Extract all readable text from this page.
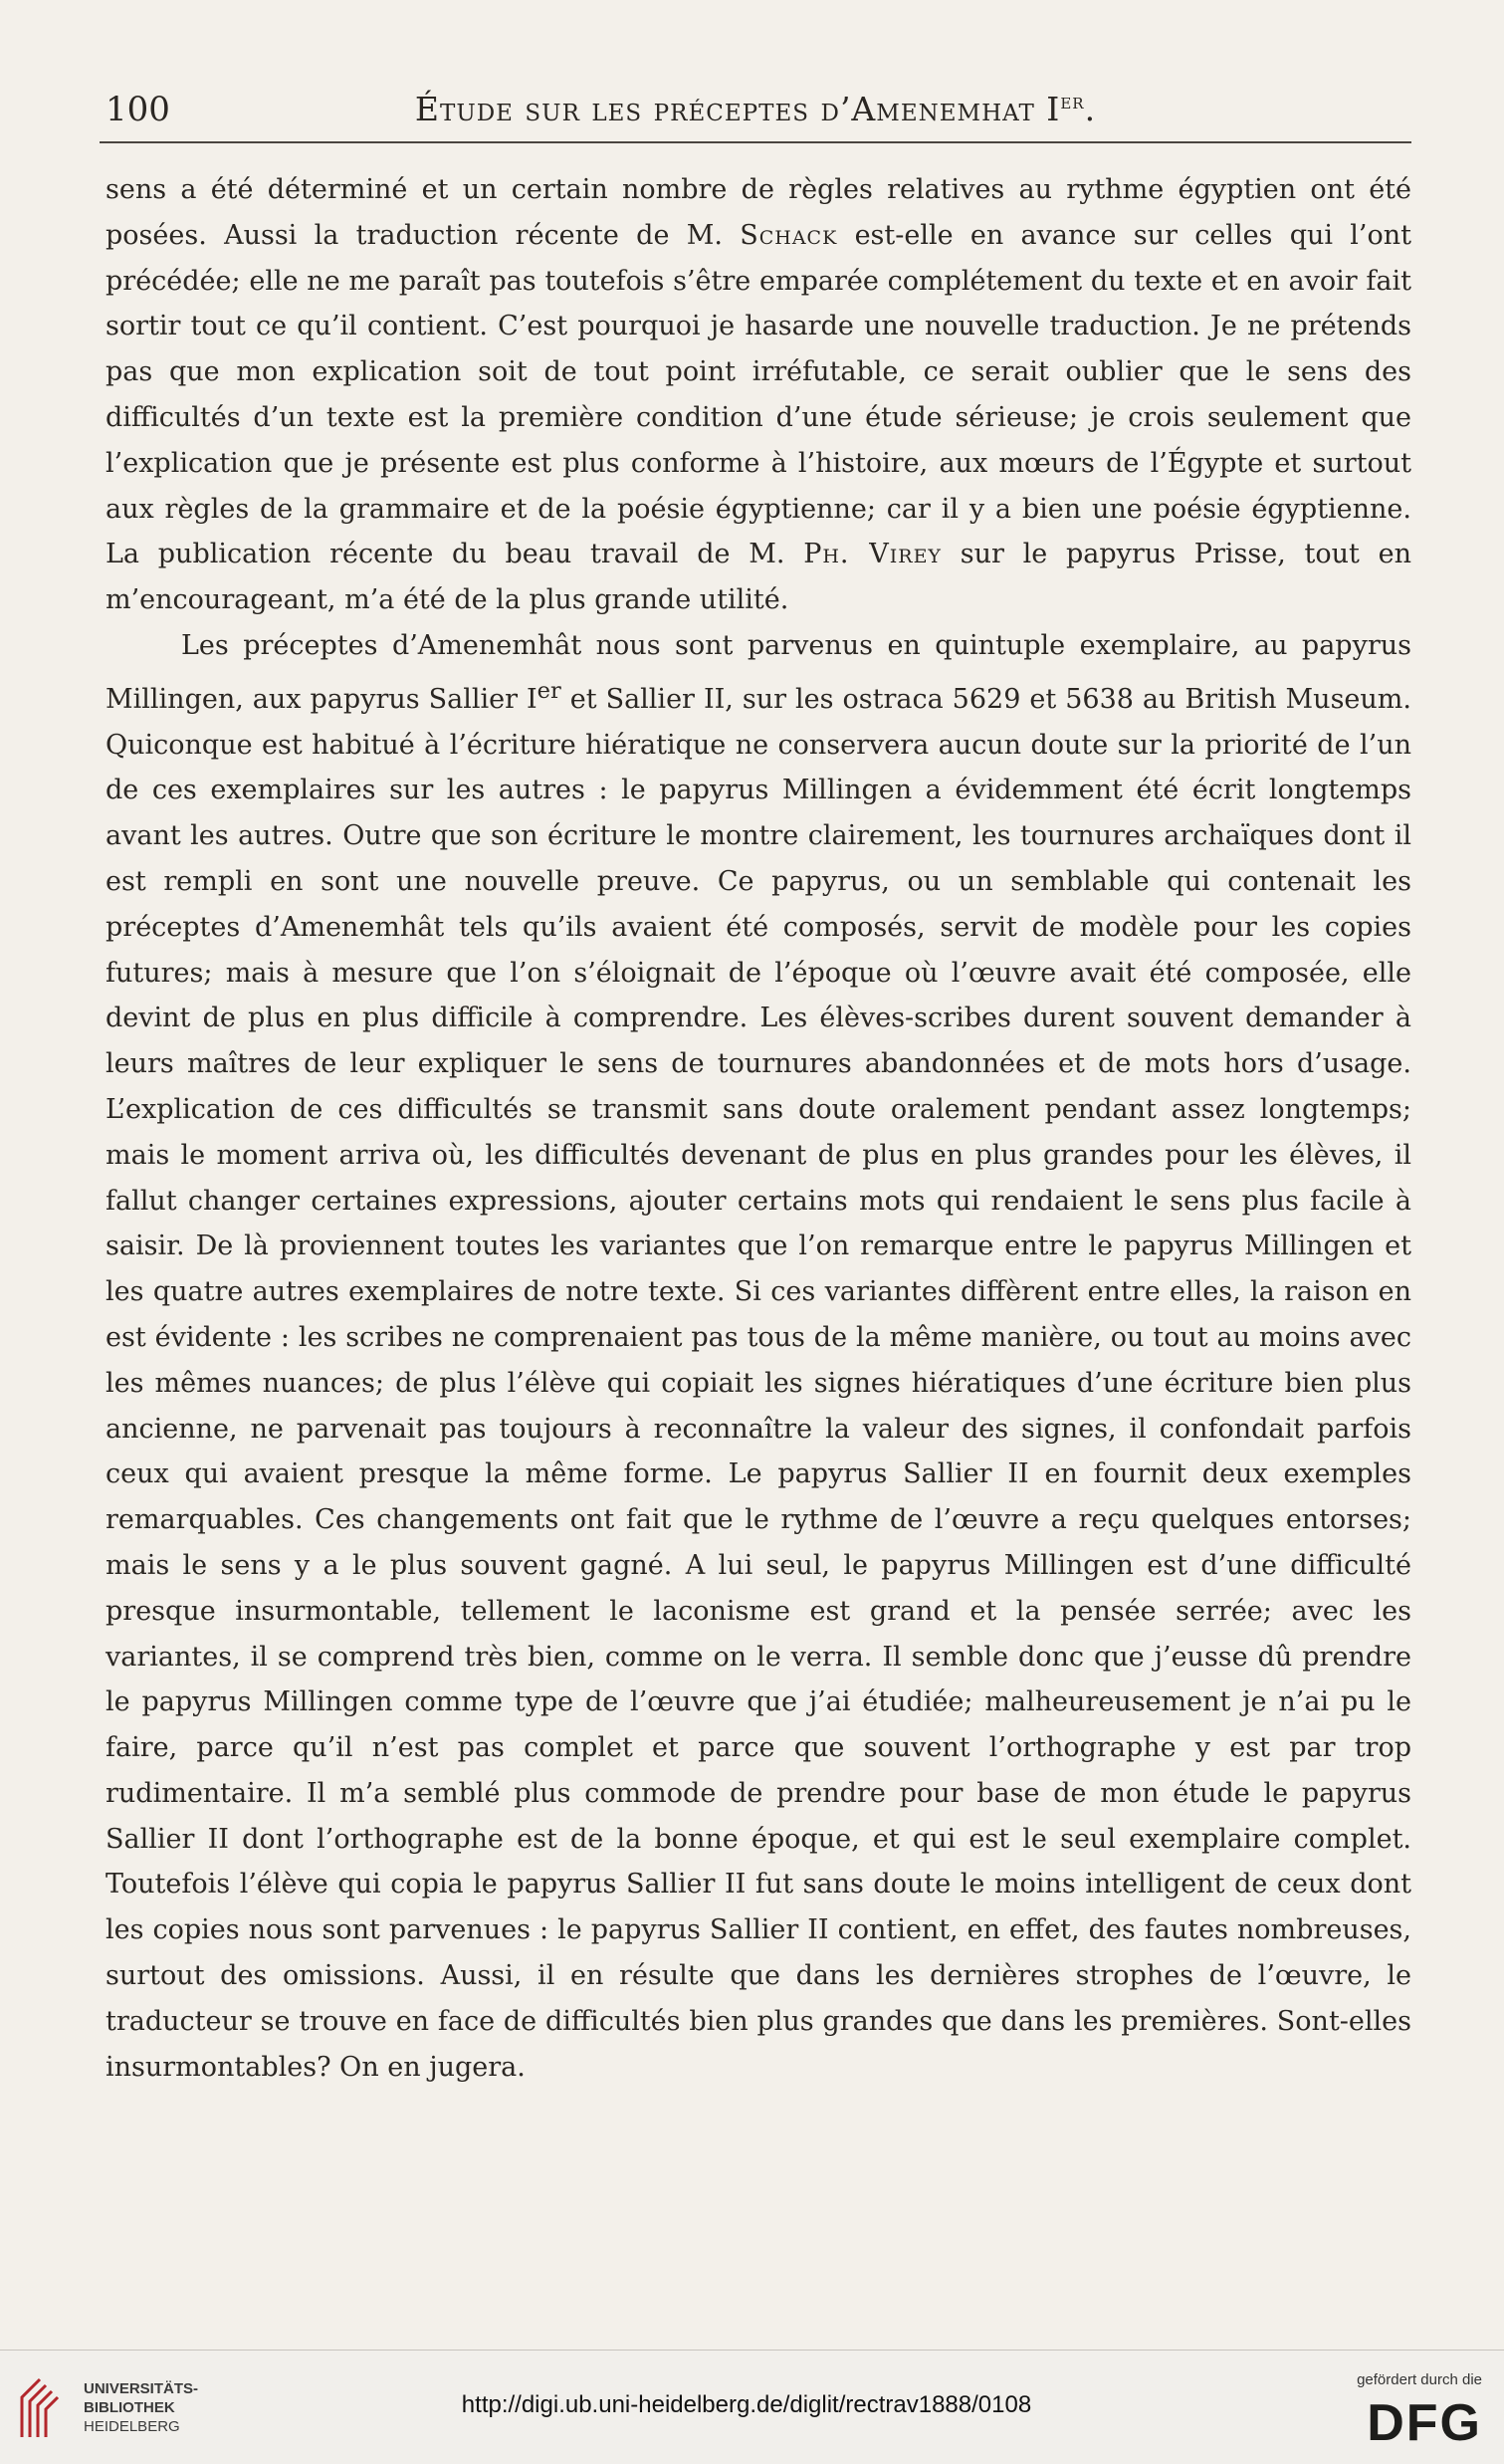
100	Étude sur les préceptes d’Amenemhat Ier.

sens a été déterminé et un certain nombre de règles relatives au rythme égyptien ont été posées. Aussi la traduction récente de M. Schack est-elle en avance sur celles qui l’ont précédée; elle ne me paraît pas toutefois s’être emparée complétement du texte et en avoir fait sortir tout ce qu’il contient. C’est pourquoi je hasarde une nouvelle traduction. Je ne prétends pas que mon explication soit de tout point irréfutable, ce serait oublier que le sens des difficultés d’un texte est la première condition d’une étude sérieuse; je crois seulement que l’explication que je présente est plus conforme à l’histoire, aux mœurs de l’Égypte et surtout aux règles de la grammaire et de la poésie égyptienne; car il y a bien une poésie égyptienne. La publication récente du beau travail de M. Ph. Virey sur le papyrus Prisse, tout en m’encourageant, m’a été de la plus grande utilité.

Les préceptes d’Amenemhât nous sont parvenus en quintuple exemplaire, au papyrus Millingen, aux papyrus Sallier Ier et Sallier II, sur les ostraca 5629 et 5638 au British Museum. Quiconque est habitué à l’écriture hiératique ne conservera aucun doute sur la priorité de l’un de ces exemplaires sur les autres : le papyrus Millingen a évidemment été écrit longtemps avant les autres. Outre que son écriture le montre clairement, les tournures archaïques dont il est rempli en sont une nouvelle preuve. Ce papyrus, ou un semblable qui contenait les préceptes d’Amenemhât tels qu’ils avaient été composés, servit de modèle pour les copies futures; mais à mesure que l’on s’éloignait de l’époque où l’œuvre avait été composée, elle devint de plus en plus difficile à comprendre. Les élèves-scribes durent souvent demander à leurs maîtres de leur expliquer le sens de tournures abandonnées et de mots hors d’usage. L’explication de ces difficultés se transmit sans doute oralement pendant assez longtemps; mais le moment arriva où, les difficultés devenant de plus en plus grandes pour les élèves, il fallut changer certaines expressions, ajouter certains mots qui rendaient le sens plus facile à saisir. De là proviennent toutes les variantes que l’on remarque entre le papyrus Millingen et les quatre autres exemplaires de notre texte. Si ces variantes diffèrent entre elles, la raison en est évidente : les scribes ne comprenaient pas tous de la même manière, ou tout au moins avec les mêmes nuances; de plus l’élève qui copiait les signes hiératiques d’une écriture bien plus ancienne, ne parvenait pas toujours à reconnaître la valeur des signes, il confondait parfois ceux qui avaient presque la même forme. Le papyrus Sallier II en fournit deux exemples remarquables. Ces changements ont fait que le rythme de l’œuvre a reçu quelques entorses; mais le sens y a le plus souvent gagné. A lui seul, le papyrus Millingen est d’une difficulté presque insurmontable, tellement le laconisme est grand et la pensée serrée; avec les variantes, il se comprend très bien, comme on le verra. Il semble donc que j’eusse dû prendre le papyrus Millingen comme type de l’œuvre que j’ai étudiée; malheureusement je n’ai pu le faire, parce qu’il n’est pas complet et parce que souvent l’orthographe y est par trop rudimentaire. Il m’a semblé plus commode de prendre pour base de mon étude le papyrus Sallier II dont l’orthographe est de la bonne époque, et qui est le seul exemplaire complet. Toutefois l’élève qui copia le papyrus Sallier II fut sans doute le moins intelligent de ceux dont les copies nous sont parvenues : le papyrus Sallier II contient, en effet, des fautes nombreuses, surtout des omissions. Aussi, il en résulte que dans les dernières strophes de l’œuvre, le traducteur se trouve en face de difficultés bien plus grandes que dans les premières. Sont-elles insurmontables? On en jugera.

UNIVERSITÄTS-
BIBLIOTHEK
HEIDELBERG
http://digi.ub.uni-heidelberg.de/diglit/rectrav1888/0108
gefördert durch die
DFG
